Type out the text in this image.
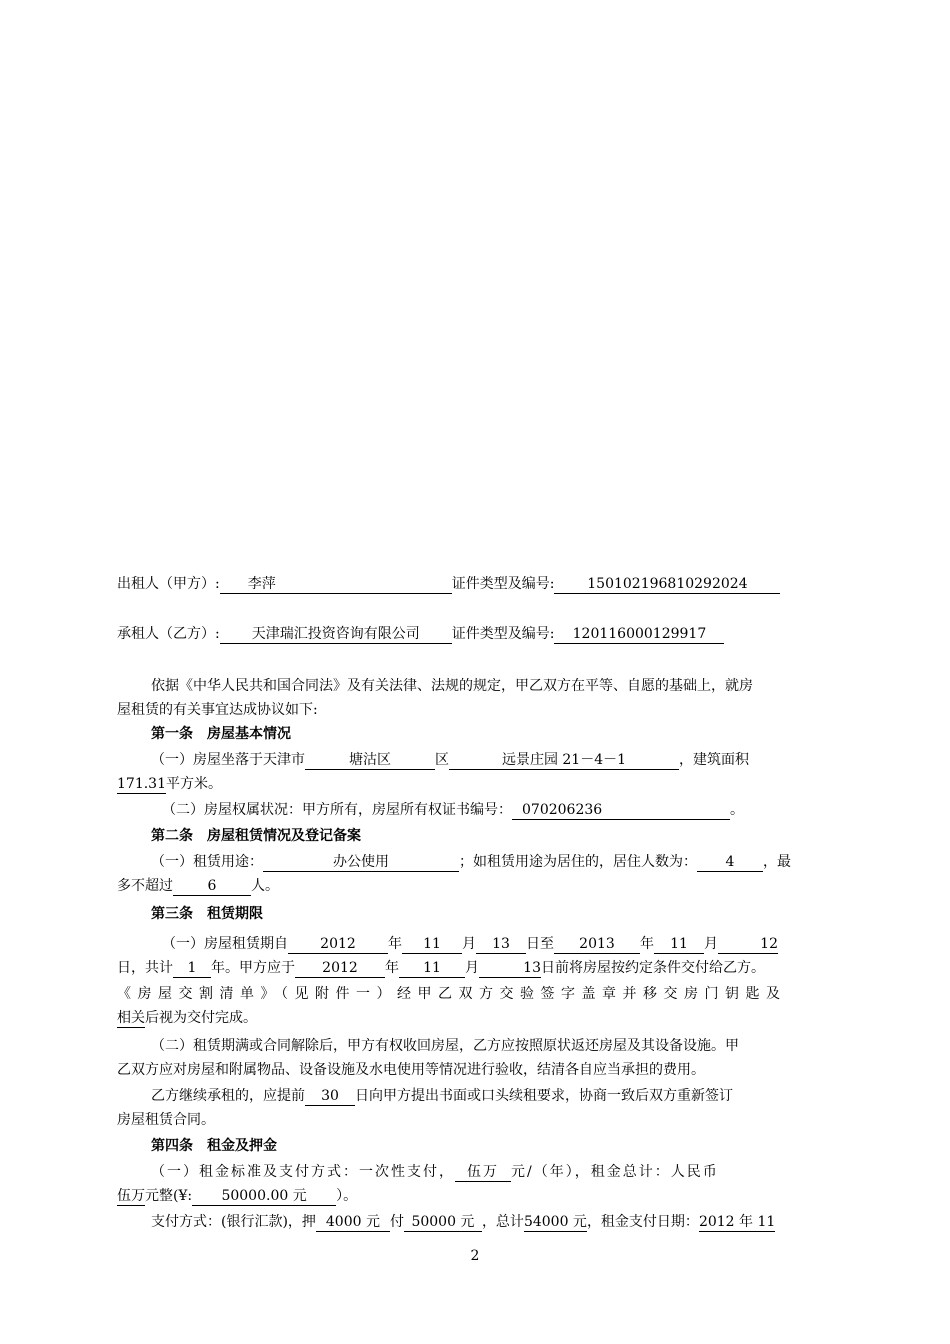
出租人（甲方）: 李萍	证件类型及编号: 150102196810292024
承租人（乙方）: 天津瑞汇投资咨询有限公司 证件类型及编号: 120116000129917
依据《中华人民共和国合同法》及有关法律、法规的规定，甲乙双方在平等、自愿的基础上，就房
屋租赁的有关事宜达成协议如下:
第一条　房屋基本情况
（一）房屋坐落于天津市	塘沽区	区	远景庄园 21－4－1	，建筑面积
171.31平方米。
（二）房屋权属状况：甲方所有，房屋所有权证书编号： 070206236	。
第二条　房屋租赁情况及登记备案
（一）租赁用途：	办公使用	；如租赁用途为居住的，居住人数为： 4 ，最
多不超过 6 人。
第三条　租赁期限
（一）房屋租赁期自 2012 年 11 月 13 日至 2013 年 11 月	12
日，共计 1 年。甲方应于 2012 年 11 月	13日前将房屋按约定条件交付给乙方。
《房屋交割清单》（见附件一）经甲乙双方交验签字盖章并移交房门钥匙及
相关后视为交付完成。
（二）租赁期满或合同解除后，甲方有权收回房屋，乙方应按照原状返还房屋及其设备设施。甲
乙双方应对房屋和附属物品、设备设施及水电使用等情况进行验收，结清各自应当承担的费用。
乙方继续承租的，应提前 30 日向甲方提出书面或口头续租要求，协商一致后双方重新签订
房屋租赁合同。
第四条　租金及押金
（一）租金标准及支付方式：一次性支付， 伍万 元/（年），租金总计：人民币
伍万元整(¥: 50000.00 元 ）。
支付方式：(银行汇款)，押 4000 元 付 50000 元 ，总计54000 元，租金支付日期：2012 年 11
2
